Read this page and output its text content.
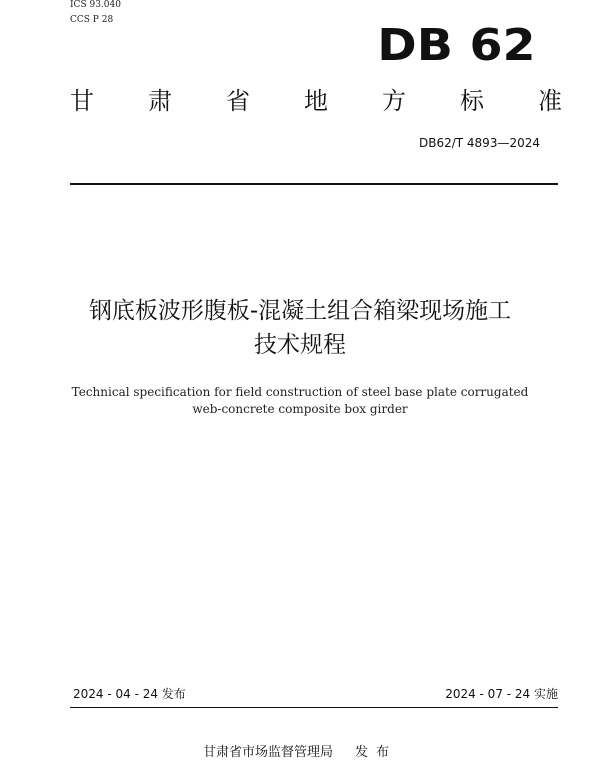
ICS 93.040
CCS P 28	DB 62
甘 肃 省 地 方 标 准
DB62/T 4893—2024
钢底板波形腹板-混凝土组合箱梁现场施工
技术规程
Technical specification for field construction of steel base plate corrugated
web-concrete composite box girder
2024 - 04 - 24 发布	2024 - 07 - 24 实施
甘肃省市场监督管理局 发布
